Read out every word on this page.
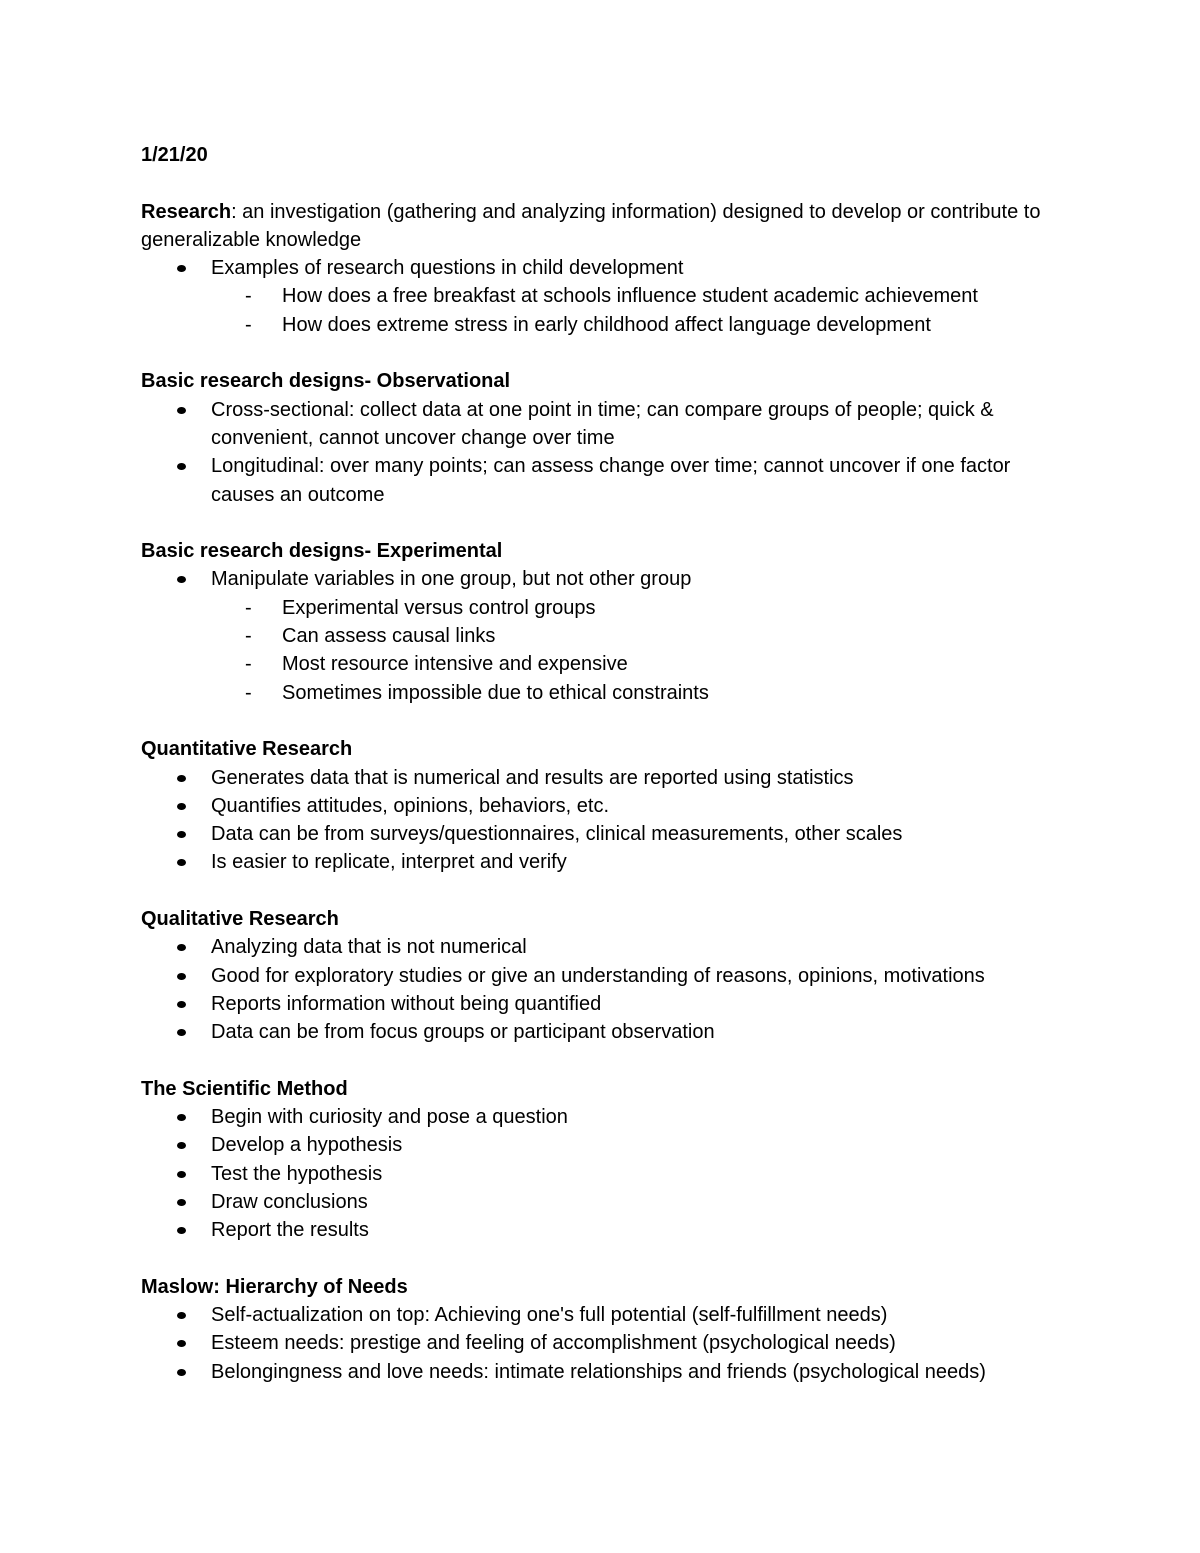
1/21/20

Research: an investigation (gathering and analyzing information) designed to develop or contribute to generalizable knowledge

Examples of research questions in child development
- How does a free breakfast at schools influence student academic achievement
- How does extreme stress in early childhood affect language development

Basic research designs- Observational

Cross-sectional: collect data at one point in time; can compare groups of people; quick & convenient, cannot uncover change over time
Longitudinal: over many points; can assess change over time; cannot uncover if one factor causes an outcome

Basic research designs- Experimental

Manipulate variables in one group, but not other group
- Experimental versus control groups
- Can assess causal links
- Most resource intensive and expensive
- Sometimes impossible due to ethical constraints

Quantitative Research

Generates data that is numerical and results are reported using statistics
Quantifies attitudes, opinions, behaviors, etc.
Data can be from surveys/questionnaires, clinical measurements, other scales
Is easier to replicate, interpret and verify

Qualitative Research

Analyzing data that is not numerical
Good for exploratory studies or give an understanding of reasons, opinions, motivations
Reports information without being quantified
Data can be from focus groups or participant observation

The Scientific Method

Begin with curiosity and pose a question
Develop a hypothesis
Test the hypothesis
Draw conclusions
Report the results

Maslow: Hierarchy of Needs

Self-actualization on top: Achieving one's full potential (self-fulfillment needs)
Esteem needs: prestige and feeling of accomplishment (psychological needs)
Belongingness and love needs: intimate relationships and friends (psychological needs)
